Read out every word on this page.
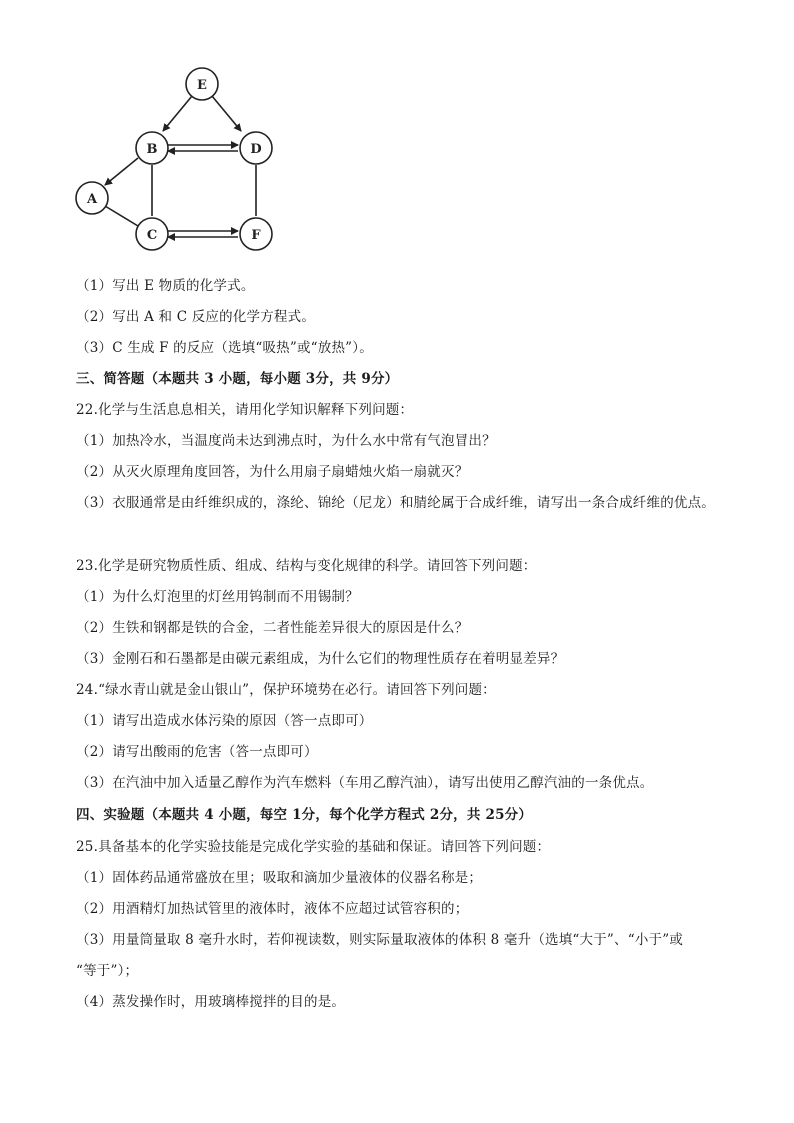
E
B	D
A
C	F
（1）写出 E 物质的化学式。
（2）写出 A 和 C 反应的化学方程式。
（3）C 生成 F 的反应（选填“吸热”或“放热”）。
三、简答题（本题共 3 小题，每小题 3分，共 9分）
22.化学与生活息息相关，请用化学知识解释下列问题：
（1）加热冷水，当温度尚未达到沸点时，为什么水中常有气泡冒出？
（2）从灭火原理角度回答，为什么用扇子扇蜡烛火焰一扇就灭？
（3）衣服通常是由纤维织成的，涤纶、锦纶（尼龙）和腈纶属于合成纤维，请写出一条合成纤维的优点。
23.化学是研究物质性质、组成、结构与变化规律的科学。请回答下列问题：
（1）为什么灯泡里的灯丝用钨制而不用锡制？
（2）生铁和钢都是铁的合金，二者性能差异很大的原因是什么？
（3）金刚石和石墨都是由碳元素组成，为什么它们的物理性质存在着明显差异？
24.“绿水青山就是金山银山”，保护环境势在必行。请回答下列问题：
（1）请写出造成水体污染的原因（答一点即可）
（2）请写出酸雨的危害（答一点即可）
（3）在汽油中加入适量乙醇作为汽车燃料（车用乙醇汽油），请写出使用乙醇汽油的一条优点。
四、实验题（本题共 4 小题，每空 1分，每个化学方程式 2分，共 25分）
25.具备基本的化学实验技能是完成化学实验的基础和保证。请回答下列问题：
（1）固体药品通常盛放在里；吸取和滴加少量液体的仪器名称是；
（2）用酒精灯加热试管里的液体时，液体不应超过试管容积的；
（3）用量筒量取 8 毫升水时，若仰视读数，则实际量取液体的体积 8 毫升（选填“大于”、“小于”或
“等于”）；
（4）蒸发操作时，用玻璃棒搅拌的目的是。
